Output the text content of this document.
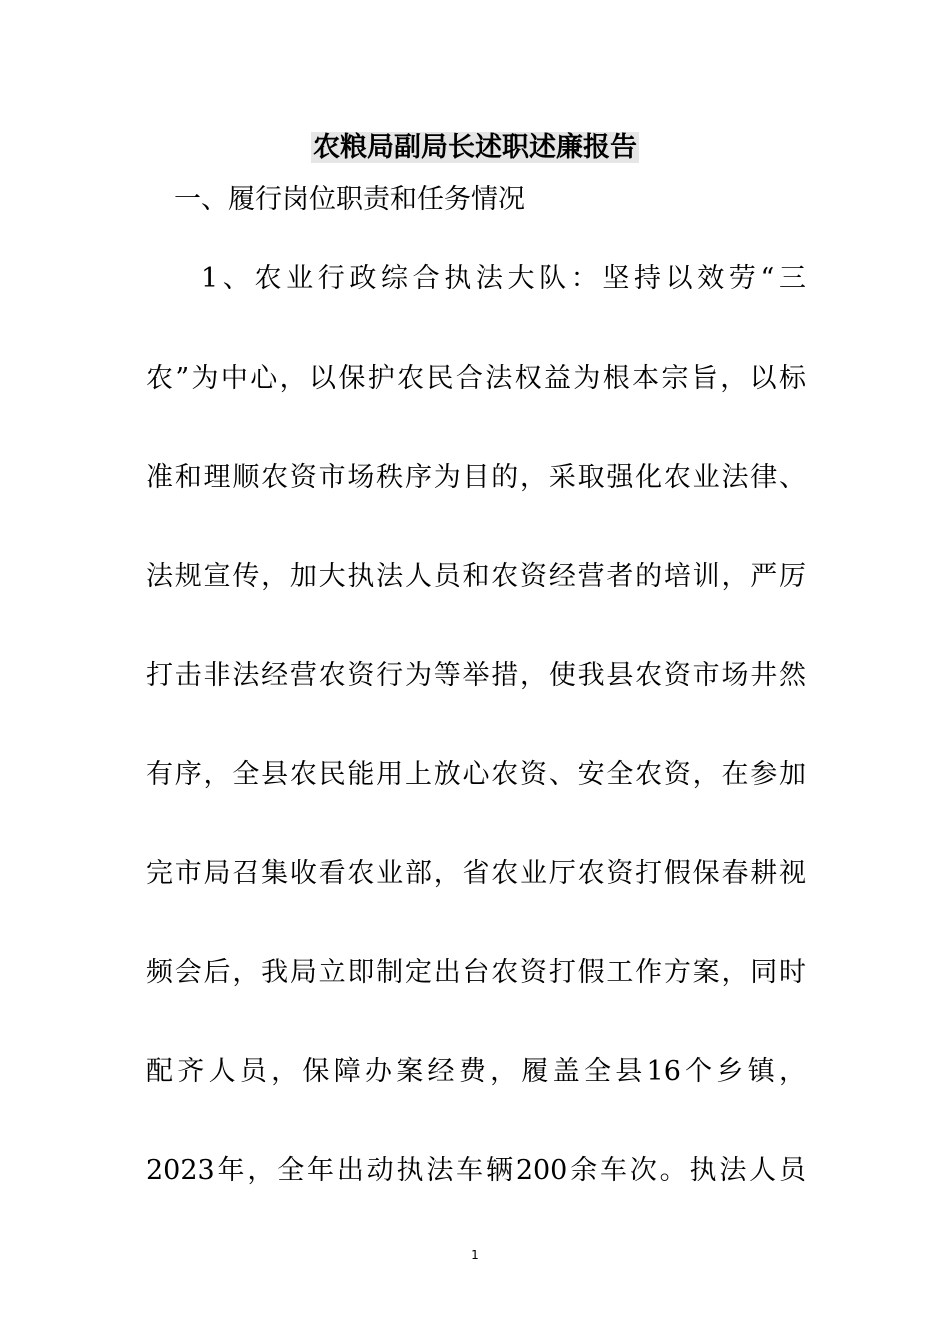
农粮局副局长述职述廉报告
一、履行岗位职责和任务情况
1、农业行政综合执法大队：坚持以效劳“三
农”为中心，以保护农民合法权益为根本宗旨，以标
准和理顺农资市场秩序为目的，采取强化农业法律、
法规宣传，加大执法人员和农资经营者的培训，严厉
打击非法经营农资行为等举措，使我县农资市场井然
有序，全县农民能用上放心农资、安全农资，在参加
完市局召集收看农业部，省农业厅农资打假保春耕视
频会后，我局立即制定出台农资打假工作方案，同时
配齐人员，保障办案经费，履盖全县16个乡镇，
2023年，全年出动执法车辆200余车次。执法人员
1
